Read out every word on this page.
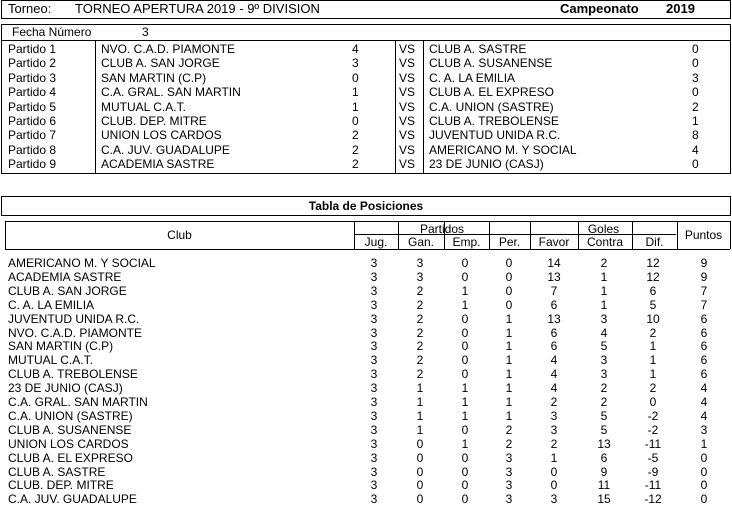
Torneo: TORNEO APERTURA 2019 - 9º DIVISION	Campeonato 2019
Fecha Número	3
Partido 1	NVO. C.A.D. PIAMONTE	4	VS CLUB A. SASTRE	0
Partido 2	CLUB A. SAN JORGE	3	VS CLUB A. SUSANENSE	0
Partido 3	SAN MARTIN (C.P)	0	VS C. A. LA EMILIA	3
Partido 4	C.A. GRAL. SAN MARTIN	1	VS CLUB A. EL EXPRESO	0
Partido 5	MUTUAL C.A.T.	1	VS C.A. UNION (SASTRE)	2
Partido 6	CLUB. DEP. MITRE	0	VS CLUB A. TREBOLENSE	1
Partido 7	UNION LOS CARDOS	2	VS JUVENTUD UNIDA R.C.	8
Partido 8	C.A. JUV. GUADALUPE	2	VS AMERICANO M. Y SOCIAL	4
Partido 9	ACADEMIA SASTRE	2	VS 23 DE JUNIO (CASJ)	0
Tabla de Posiciones
Club	Partidos	Goles	Puntos
Jug.	Gan.	Emp.	Per.	Favor	Contra	Dif.
AMERICANO M. Y SOCIAL	3	3	0	0	14	2	12	9
ACADEMIA SASTRE	3	3	0	0	13	1	12	9
CLUB A. SAN JORGE	3	2	1	0	7	1	6	7
C. A. LA EMILIA	3	2	1	0	6	1	5	7
JUVENTUD UNIDA R.C.	3	2	0	1	13	3	10	6
NVO. C.A.D. PIAMONTE	3	2	0	1	6	4	2	6
SAN MARTIN (C.P)	3	2	0	1	6	5	1	6
MUTUAL C.A.T.	3	2	0	1	4	3	1	6
CLUB A. TREBOLENSE	3	2	0	1	4	3	1	6
23 DE JUNIO (CASJ)	3	1	1	1	4	2	2	4
C.A. GRAL. SAN MARTIN	3	1	1	1	2	2	0	4
C.A. UNION (SASTRE)	3	1	1	1	3	5	-2	4
CLUB A. SUSANENSE	3	1	0	2	3	5	-2	3
UNION LOS CARDOS	3	0	1	2	2	13	-11	1
CLUB A. EL EXPRESO	3	0	0	3	1	6	-5	0
CLUB A. SASTRE	3	0	0	3	0	9	-9	0
CLUB. DEP. MITRE	3	0	0	3	0	11	-11	0
C.A. JUV. GUADALUPE	3	0	0	3	3	15	-12	0
